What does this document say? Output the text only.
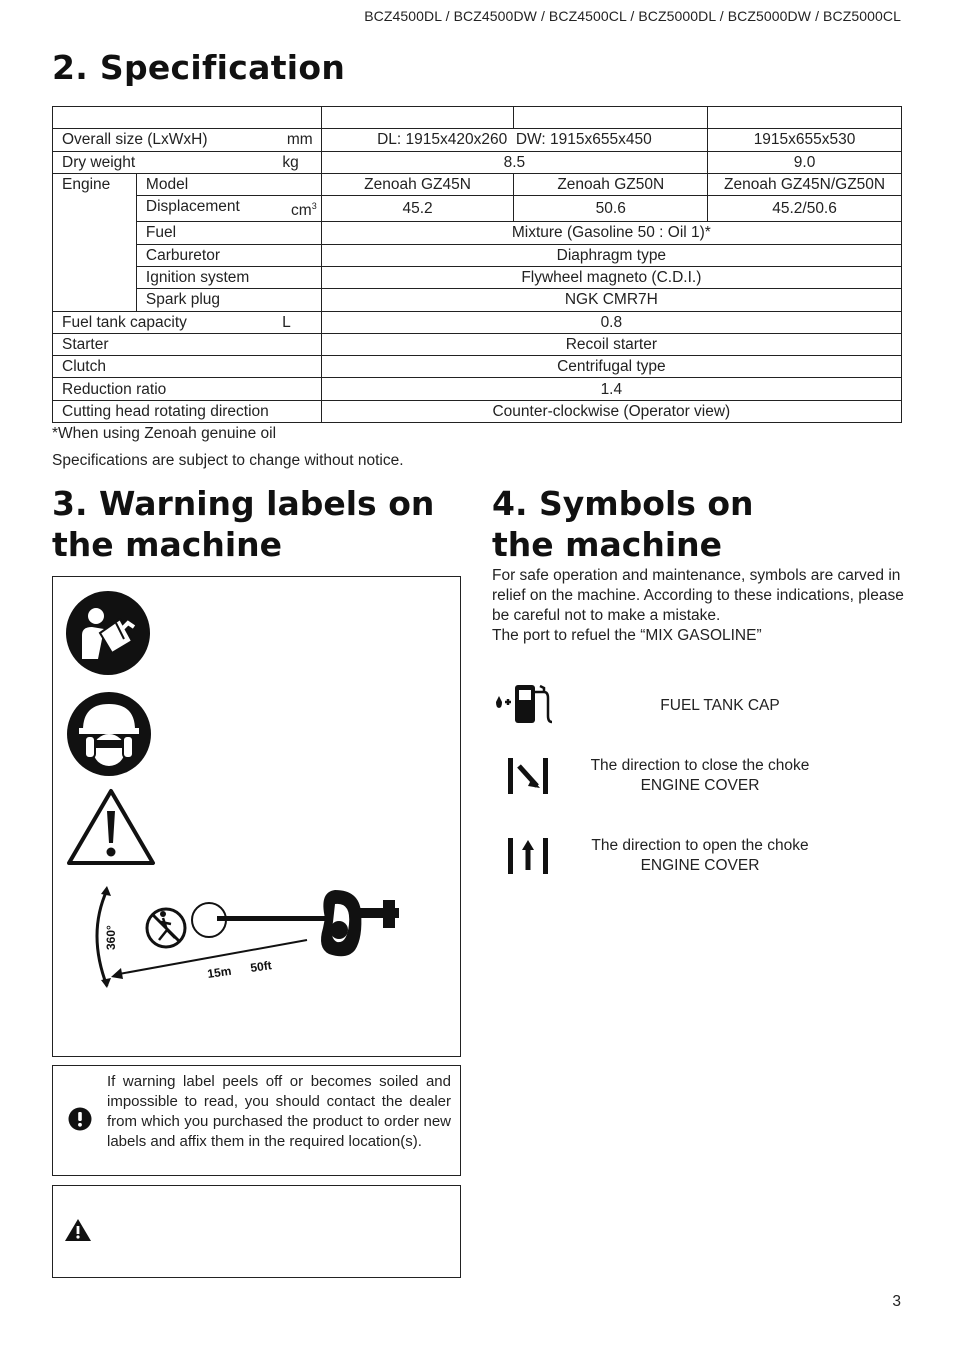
BCZ4500DL / BCZ4500DW / BCZ4500CL / BCZ5000DL / BCZ5000DW / BCZ5000CL
2. Specification

Overall size (LxWxH) mm		DL: 1915x420x260  DW: 1915x655x450		1915x655x530
Dry weight kg		8.5		9.0
Engine	Model	Zenoah GZ45N	Zenoah GZ50N	Zenoah GZ45N/GZ50N
	Displacement $cm^3$	45.2	50.6	45.2/50.6
	Fuel	Mixture (Gasoline 50 : Oil 1)*		
	Carburetor	Diaphragm type		
	Ignition system	Flywheel magneto (C.D.I.)		
	Spark plug	NGK CMR7H		
Fuel tank capacity L		0.8		
Starter		Recoil starter		
Clutch		Centrifugal type		
Reduction ratio		1.4		
Cutting head rotating direction		Counter-clockwise (Operator view)		
*When using Zenoah genuine oil
Specifications are subject to change without notice.
3. Warning labels on
the machine
4. Symbols on
the machine
360°
15m 50ft
If warning label peels off or becomes soiled and impossible to read, you should contact the dealer from which you purchased the product to order new labels and affix them in the required location(s).
For safe operation and maintenance, symbols are carved in relief on the machine. According to these indications, please be careful not to make a mistake.
The port to refuel the “MIX GASOLINE”
FUEL TANK CAP
The direction to close the choke
ENGINE COVER
The direction to open the choke
ENGINE COVER
3
